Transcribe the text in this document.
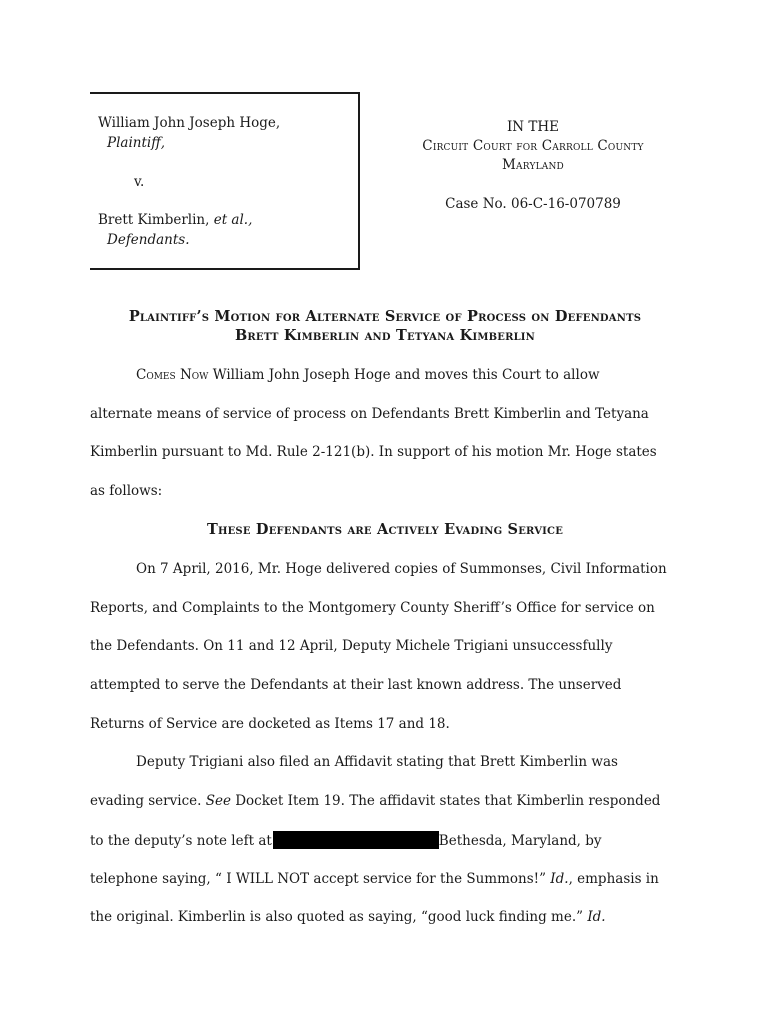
William John Joseph Hoge,
Plaintiff,
v.
Brett Kimberlin, et al.,
Defendants.
IN THE
Circuit Court for Carroll County
Maryland
Case No. 06-C-16-070789
Plaintiff’s Motion for Alternate Service of Process on Defendants
Brett Kimberlin and Tetyana Kimberlin
Comes Now William John Joseph Hoge and moves this Court to allow
alternate means of service of process on Defendants Brett Kimberlin and Tetyana
Kimberlin pursuant to Md. Rule 2-121(b). In support of his motion Mr. Hoge states
as follows:
These Defendants are Actively Evading Service
On 7 April, 2016, Mr. Hoge delivered copies of Summonses, Civil Information
Reports, and Complaints to the Montgomery County Sheriff’s Office for service on
the Defendants. On 11 and 12 April, Deputy Michele Trigiani unsuccessfully
attempted to serve the Defendants at their last known address. The unserved
Returns of Service are docketed as Items 17 and 18.
Deputy Trigiani also filed an Affidavit stating that Brett Kimberlin was
evading service. See Docket Item 19. The affidavit states that Kimberlin responded
to the deputy’s note left at	Bethesda, Maryland, by
telephone saying, “ I WILL NOT accept service for the Summons!” Id., emphasis in
the original. Kimberlin is also quoted as saying, “good luck finding me.” Id.
